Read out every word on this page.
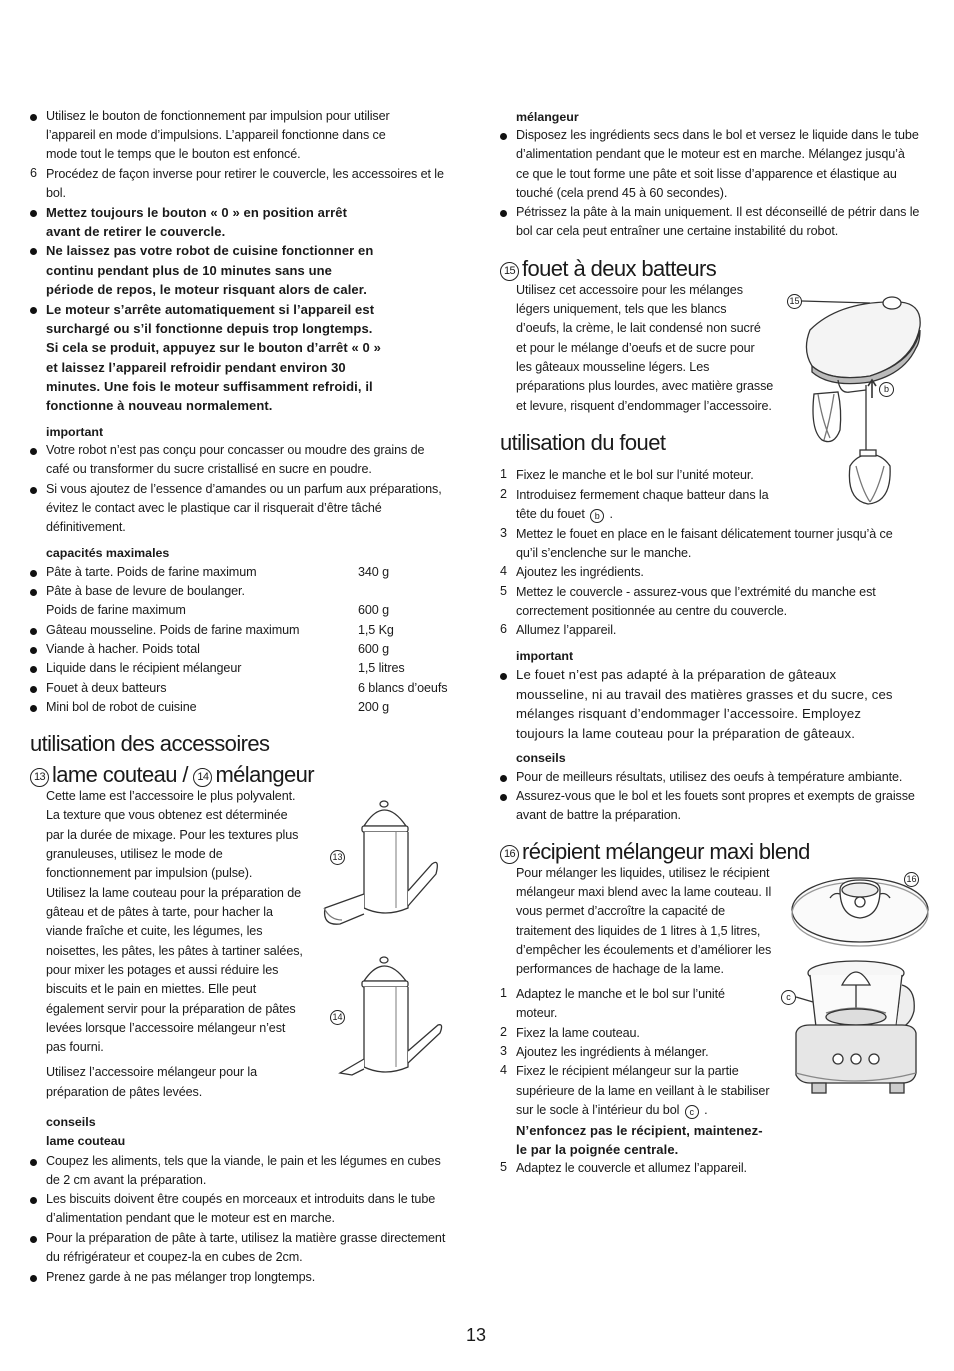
Utilisez le bouton de fonctionnement par impulsion pour utiliser
l’appareil en mode d’impulsions. L’appareil fonctionne dans ce
mode tout le temps que le bouton est enfoncé.
6 Procédez de façon inverse pour retirer le couvercle, les accessoires et le
bol.
Mettez toujours le bouton « 0 » en position arrêt
avant de retirer le couvercle.
Ne laissez pas votre robot de cuisine fonctionner en
continu pendant plus de 10 minutes sans une
période de repos, le moteur risquant alors de caler.
Le moteur s’arrête automatiquement si l’appareil est
surchargé ou s’il fonctionne depuis trop longtemps.
Si cela se produit, appuyez sur le bouton d’arrêt « 0 »
et laissez l’appareil refroidir pendant environ 30
minutes. Une fois le moteur suffisamment refroidi, il
fonctionne à nouveau normalement.
important
Votre robot n’est pas conçu pour concasser ou moudre des grains de
café ou transformer du sucre cristallisé en sucre en poudre.
Si vous ajoutez de l’essence d’amandes ou un parfum aux préparations,
évitez le contact avec le plastique car il risquerait d’être tâché
définitivement.
capacités maximales
Pâte à tarte. Poids de farine maximum	340 g
Pâte à base de levure de boulanger.
Poids de farine maximum	600 g
Gâteau mousseline. Poids de farine maximum	1,5 Kg
Viande à hacher. Poids total	600 g
Liquide dans le récipient mélangeur	1,5 litres
Fouet à deux batteurs	6 blancs d’oeufs
Mini bol de robot de cuisine	200 g
utilisation des accessoires
13 lame couteau / 14 mélangeur
Cette lame est l’accessoire le plus polyvalent.
La texture que vous obtenez est déterminée
par la durée de mixage. Pour les textures plus
granuleuses, utilisez le mode de
fonctionnement par impulsion (pulse).
Utilisez la lame couteau pour la préparation de
gâteau et de pâtes à tarte, pour hacher la
viande fraîche et cuite, les légumes, les
noisettes, les pâtes, les pâtes à tartiner salées,
pour mixer les potages et aussi réduire les
biscuits et le pain en miettes. Elle peut
également servir pour la préparation de pâtes
levées lorsque l’accessoire mélangeur n’est
pas fourni.
Utilisez l’accessoire mélangeur pour la
préparation de pâtes levées.
13
14
conseils
lame couteau
Coupez les aliments, tels que la viande, le pain et les légumes en cubes
de 2 cm avant la préparation.
Les biscuits doivent être coupés en morceaux et introduits dans le tube
d’alimentation pendant que le moteur est en marche.
Pour la préparation de pâte à tarte, utilisez la matière grasse directement
du réfrigérateur et coupez-la en cubes de 2cm.
Prenez garde à ne pas mélanger trop longtemps.
mélangeur
Disposez les ingrédients secs dans le bol et versez le liquide dans le tube
d’alimentation pendant que le moteur est en marche. Mélangez jusqu’à
ce que le tout forme une pâte et soit lisse d’apparence et élastique au
touché (cela prend 45 à 60 secondes).
Pétrissez la pâte à la main uniquement. Il est déconseillé de pétrir dans le
bol car cela peut entraîner une certaine instabilité du robot.
15 fouet à deux batteurs
Utilisez cet accessoire pour les mélanges
légers uniquement, tels que les blancs
d’oeufs, la crème, le lait condensé non sucré
et pour le mélange d’oeufs et de sucre pour
les gâteaux mousseline légers. Les
préparations plus lourdes, avec matière grasse
et levure, risquent d’endommager l’accessoire.
15
b
utilisation du fouet
1 Fixez le manche et le bol sur l’unité moteur.
2 Introduisez fermement chaque batteur dans la
tête du fouet b .
3 Mettez le fouet en place en le faisant délicatement tourner jusqu’à ce
qu’il s’enclenche sur le manche.
4 Ajoutez les ingrédients.
5 Mettez le couvercle - assurez-vous que l’extrémité du manche est
correctement positionnée au centre du couvercle.
6 Allumez l’appareil.
important
Le fouet n’est pas adapté à la préparation de gâteaux
mousseline, ni au travail des matières grasses et du sucre, ces
mélanges risquant d’endommager l’accessoire. Employez
toujours la lame couteau pour la préparation de gâteaux.
conseils
Pour de meilleurs résultats, utilisez des oeufs à température ambiante.
Assurez-vous que le bol et les fouets sont propres et exempts de graisse
avant de battre la préparation.
16 récipient mélangeur maxi blend
Pour mélanger les liquides, utilisez le récipient
mélangeur maxi blend avec la lame couteau. Il
vous permet d’accroître la capacité de
traitement des liquides de 1 litres à 1,5 litres,
d’empêcher les écoulements et d’améliorer les
performances de hachage de la lame.
1 Adaptez le manche et le bol sur l’unité
moteur.
2 Fixez la lame couteau.
3 Ajoutez les ingrédients à mélanger.
4 Fixez le récipient mélangeur sur la partie
supérieure de la lame en veillant à le stabiliser
sur le socle à l’intérieur du bol c .
N’enfoncez pas le récipient, maintenez-
le par la poignée centrale.
5 Adaptez le couvercle et allumez l’appareil.
16
c
13
